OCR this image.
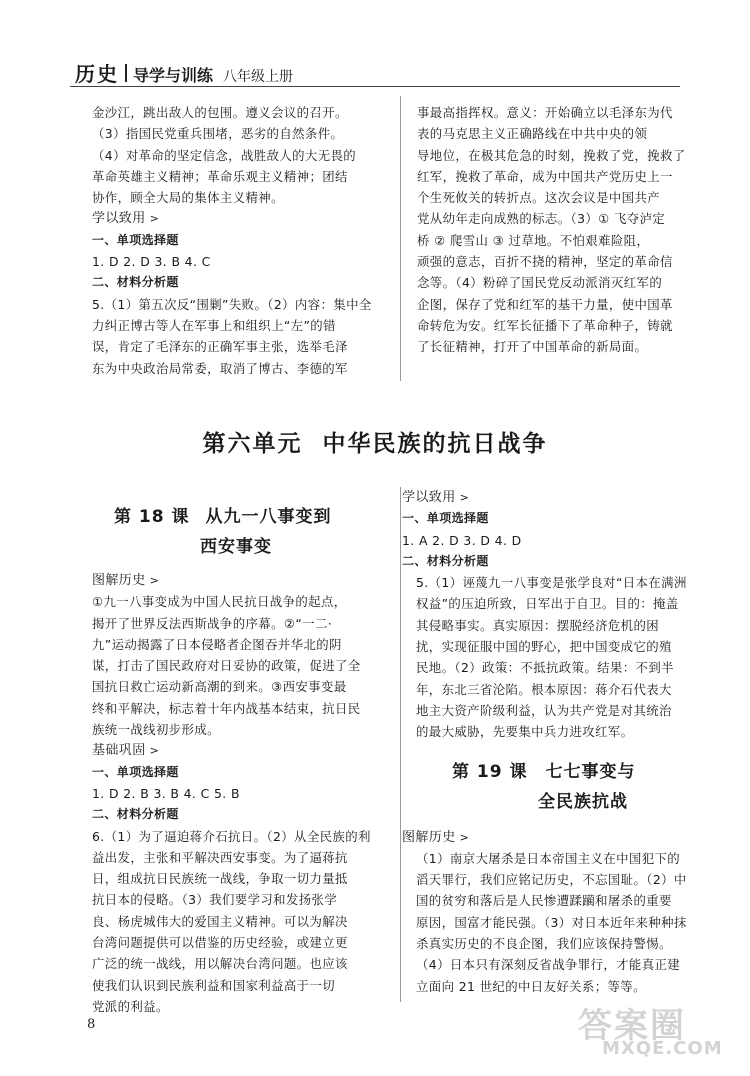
历史 导学与训练 八年级上册

金沙江，跳出敌人的包围。遵义会议的召开。

（3）指国民党重兵围堵，恶劣的自然条件。

（4）对革命的坚定信念，战胜敌人的大无畏的

革命英雄主义精神；革命乐观主义精神；团结

协作，顾全大局的集体主义精神。

学以致用 >

一、单项选择题

1. D 2. D 3. B 4. C

二、材料分析题

5.（1）第五次反“围剿”失败。（2）内容：集中全

力纠正博古等人在军事上和组织上“左”的错

误，肯定了毛泽东的正确军事主张，选举毛泽

东为中央政治局常委，取消了博古、李德的军

事最高指挥权。意义：开始确立以毛泽东为代

表的马克思主义正确路线在中共中央的领

导地位，在极其危急的时刻，挽救了党，挽救了

红军，挽救了革命，成为中国共产党历史上一

个生死攸关的转折点。这次会议是中国共产

党从幼年走向成熟的标志。（3）① 飞夺泸定

桥 ② 爬雪山 ③ 过草地。不怕艰难险阻，

顽强的意志，百折不挠的精神，坚定的革命信

念等。（4）粉碎了国民党反动派消灭红军的

企图，保存了党和红军的基干力量，使中国革

命转危为安。红军长征播下了革命种子，铸就

了长征精神，打开了中国革命的新局面。

第六单元 中华民族的抗日战争
第 18 课 从九一八事变到
西安事变

图解历史 >

①九一八事变成为中国人民抗日战争的起点，

揭开了世界反法西斯战争的序幕。②“一二·

九”运动揭露了日本侵略者企图吞并华北的阴

谋，打击了国民政府对日妥协的政策，促进了全

国抗日救亡运动新高潮的到来。③西安事变最

终和平解决，标志着十年内战基本结束，抗日民

族统一战线初步形成。

基础巩固 >

一、单项选择题

1. D 2. B 3. B 4. C 5. B

二、材料分析题

6.（1）为了逼迫蒋介石抗日。（2）从全民族的利

益出发，主张和平解决西安事变。为了逼蒋抗

日，组成抗日民族统一战线，争取一切力量抵

抗日本的侵略。（3）我们要学习和发扬张学

良、杨虎城伟大的爱国主义精神。可以为解决

台湾问题提供可以借鉴的历史经验，或建立更

广泛的统一战线，用以解决台湾问题。也应该

使我们认识到民族利益和国家利益高于一切

党派的利益。

学以致用 >

一、单项选择题

1. A 2. D 3. D 4. D

二、材料分析题

5.（1）诬蔑九一八事变是张学良对“日本在满洲

权益”的压迫所致，日军出于自卫。目的：掩盖

其侵略事实。真实原因：摆脱经济危机的困

扰，实现征服中国的野心，把中国变成它的殖

民地。（2）政策：不抵抗政策。结果：不到半

年，东北三省沦陷。根本原因：蒋介石代表大

地主大资产阶级利益，认为共产党是对其统治

的最大威胁，先要集中兵力进攻红军。

第 19 课 七七事变与
全民族抗战

图解历史 >

（1）南京大屠杀是日本帝国主义在中国犯下的

滔天罪行，我们应铭记历史，不忘国耻。（2）中

国的贫穷和落后是人民惨遭蹂躏和屠杀的重要

原因，国富才能民强。（3）对日本近年来种种抹

杀真实历史的不良企图，我们应该保持警惕。

（4）日本只有深刻反省战争罪行，才能真正建

立面向 21 世纪的中日友好关系；等等。

8	答案圈
MXQE.COM
